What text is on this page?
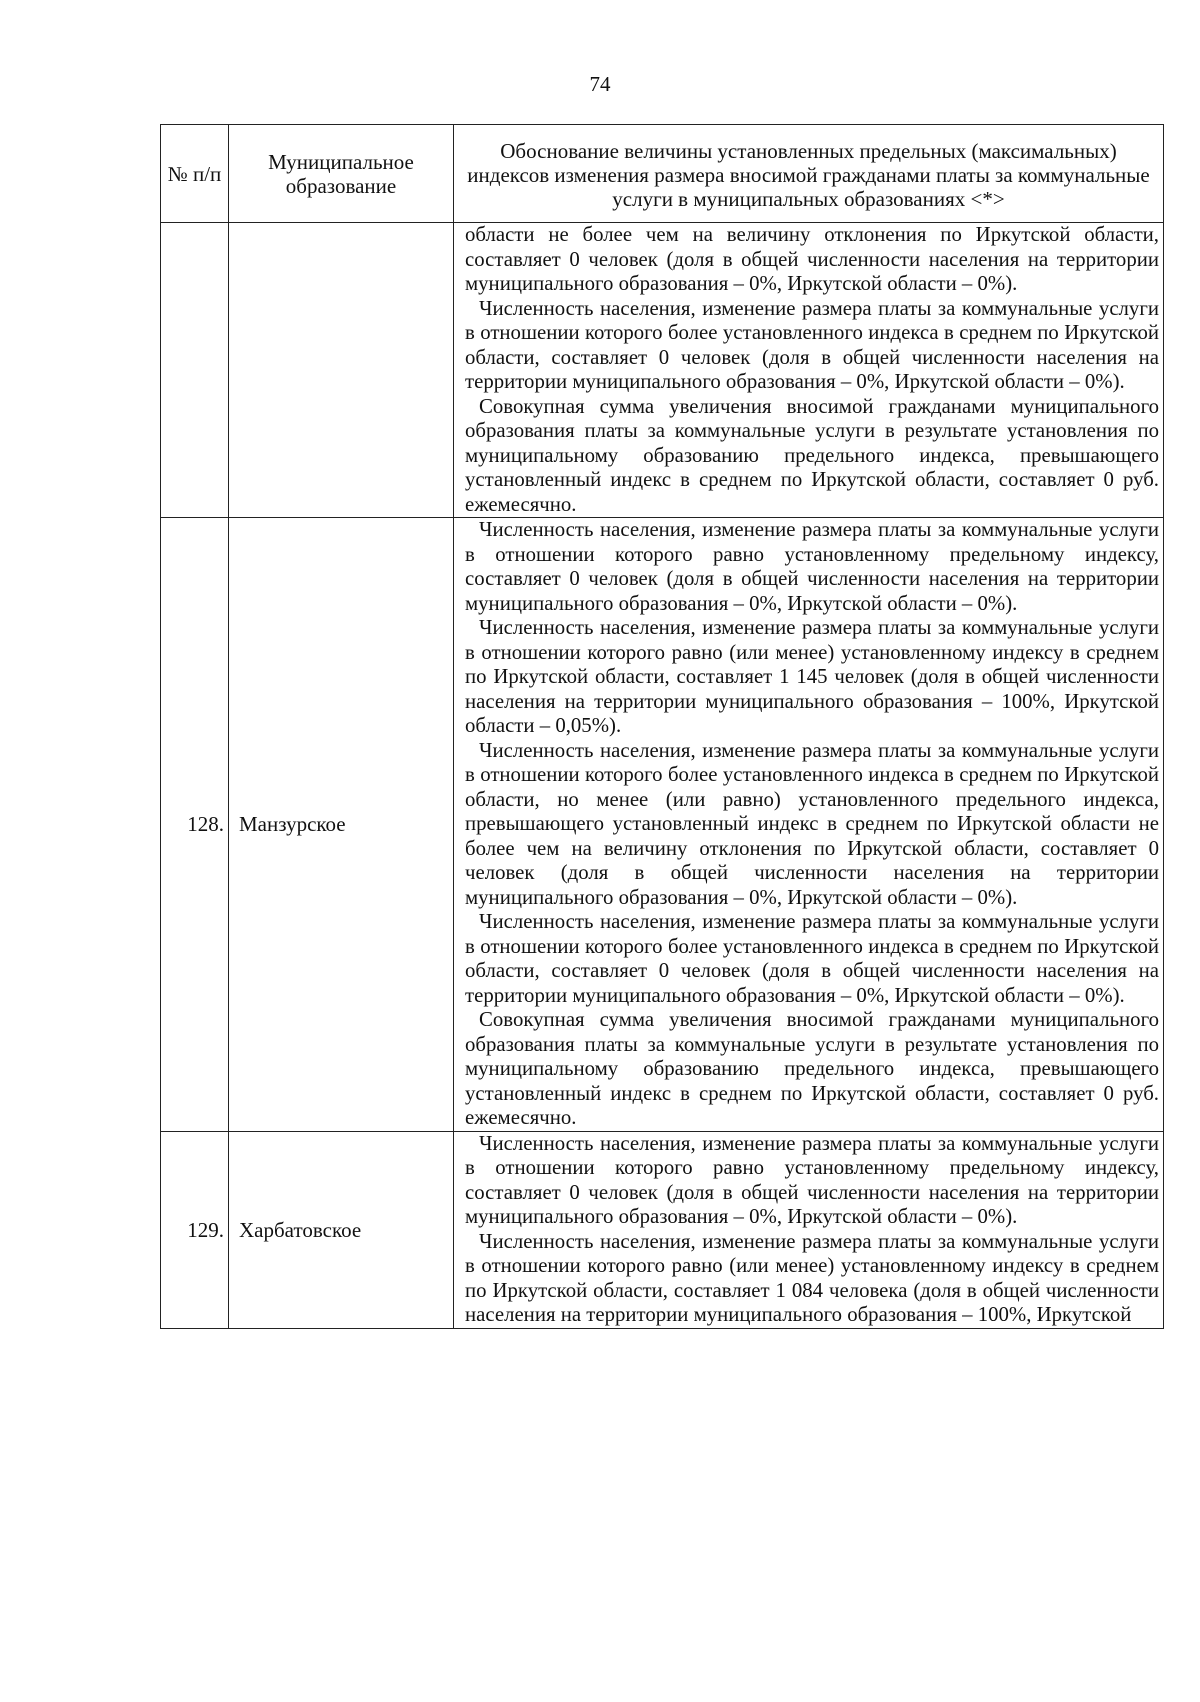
74
№ п/п	Муниципальное образование	Обоснование величины установленных предельных (максимальных) индексов изменения размера вносимой гражданами платы за коммунальные услуги в муниципальных образованиях <*>

		области не более чем на величину отклонения по Иркутской области, составляет 0 человек (доля в общей численности населения на территории муниципального образования – 0%, Иркутской области – 0%).

Численность населения, изменение размера платы за коммунальные услуги в отношении которого более установленного индекса в среднем по Иркутской области, составляет 0 человек (доля в общей численности населения на территории муниципального образования – 0%, Иркутской области – 0%).

Совокупная сумма увеличения вносимой гражданами муниципального образования платы за коммунальные услуги в результате установления по муниципальному образованию предельного индекса, превышающего установленный индекс в среднем по Иркутской области, составляет 0 руб. ежемесячно.

128.	Манзурское	Численность населения, изменение размера платы за коммунальные услуги в отношении которого равно установленному предельному индексу, составляет 0 человек (доля в общей численности населения на территории муниципального образования – 0%, Иркутской области – 0%).

Численность населения, изменение размера платы за коммунальные услуги в отношении которого равно (или менее) установленному индексу в среднем по Иркутской области, составляет 1 145 человек (доля в общей численности населения на территории муниципального образования – 100%, Иркутской области – 0,05%).

Численность населения, изменение размера платы за коммунальные услуги в отношении которого более установленного индекса в среднем по Иркутской области, но менее (или равно) установленного предельного индекса, превышающего установленный индекс в среднем по Иркутской области не более чем на величину отклонения по Иркутской области, составляет 0 человек (доля в общей численности населения на территории муниципального образования – 0%, Иркутской области – 0%).

Численность населения, изменение размера платы за коммунальные услуги в отношении которого более установленного индекса в среднем по Иркутской области, составляет 0 человек (доля в общей численности населения на территории муниципального образования – 0%, Иркутской области – 0%).

Совокупная сумма увеличения вносимой гражданами муниципального образования платы за коммунальные услуги в результате установления по муниципальному образованию предельного индекса, превышающего установленный индекс в среднем по Иркутской области, составляет 0 руб. ежемесячно.

129.	Харбатовское	Численность населения, изменение размера платы за коммунальные услуги в отношении которого равно установленному предельному индексу, составляет 0 человек (доля в общей численности населения на территории муниципального образования – 0%, Иркутской области – 0%).

Численность населения, изменение размера платы за коммунальные услуги в отношении которого равно (или менее) установленному индексу в среднем по Иркутской области, составляет 1 084 человека (доля в общей численности населения на территории муниципального образования – 100%, Иркутской
